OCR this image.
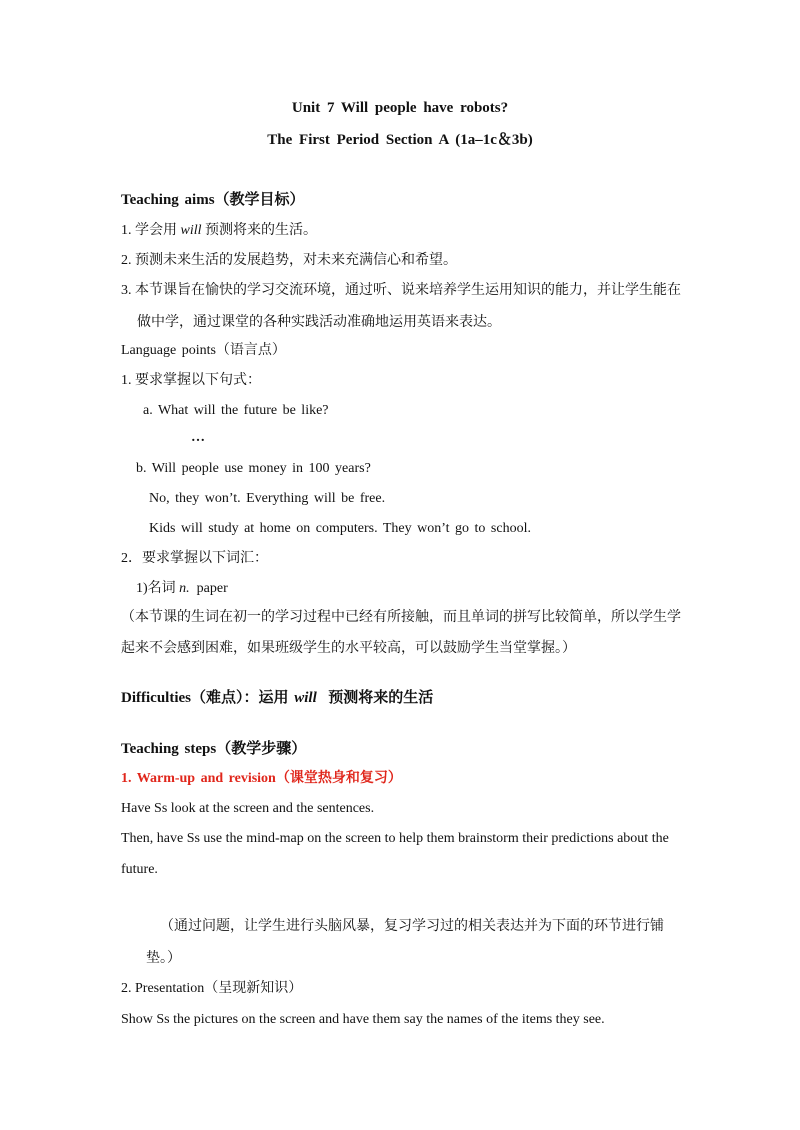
Unit 7 Will people have robots?
The First Period Section A (1a–1c＆3b)
Teaching aims（教学目标）
1. 学会用 will 预测将来的生活。
2. 预测未来生活的发展趋势，对未来充满信心和希望。
3. 本节课旨在愉快的学习交流环境，通过听、说来培养学生运用知识的能力，并让学生能在
做中学，通过课堂的各种实践活动准确地运用英语来表达。
Language points（语言点）
1. 要求掌握以下句式：
a. What will the future be like?
…
b. Will people use money in 100 years?
No, they won’t. Everything will be free.
Kids will study at home on computers. They won’t go to school.
2．要求掌握以下词汇：
1)名词 n.  paper
（本节课的生词在初一的学习过程中已经有所接触，而且单词的拼写比较简单，所以学生学
起来不会感到困难，如果班级学生的水平较高，可以鼓励学生当堂掌握。）
Difficulties（难点）：运用 will  预测将来的生活
Teaching steps（教学步骤）
1. Warm-up and revision（课堂热身和复习）
Have Ss look at the screen and the sentences.
Then, have Ss use the mind-map on the screen to help them brainstorm their predictions about the
future.
（通过问题，让学生进行头脑风暴，复习学习过的相关表达并为下面的环节进行铺
垫。）
2. Presentation（呈现新知识）
Show Ss the pictures on the screen and have them say the names of the items they see.
